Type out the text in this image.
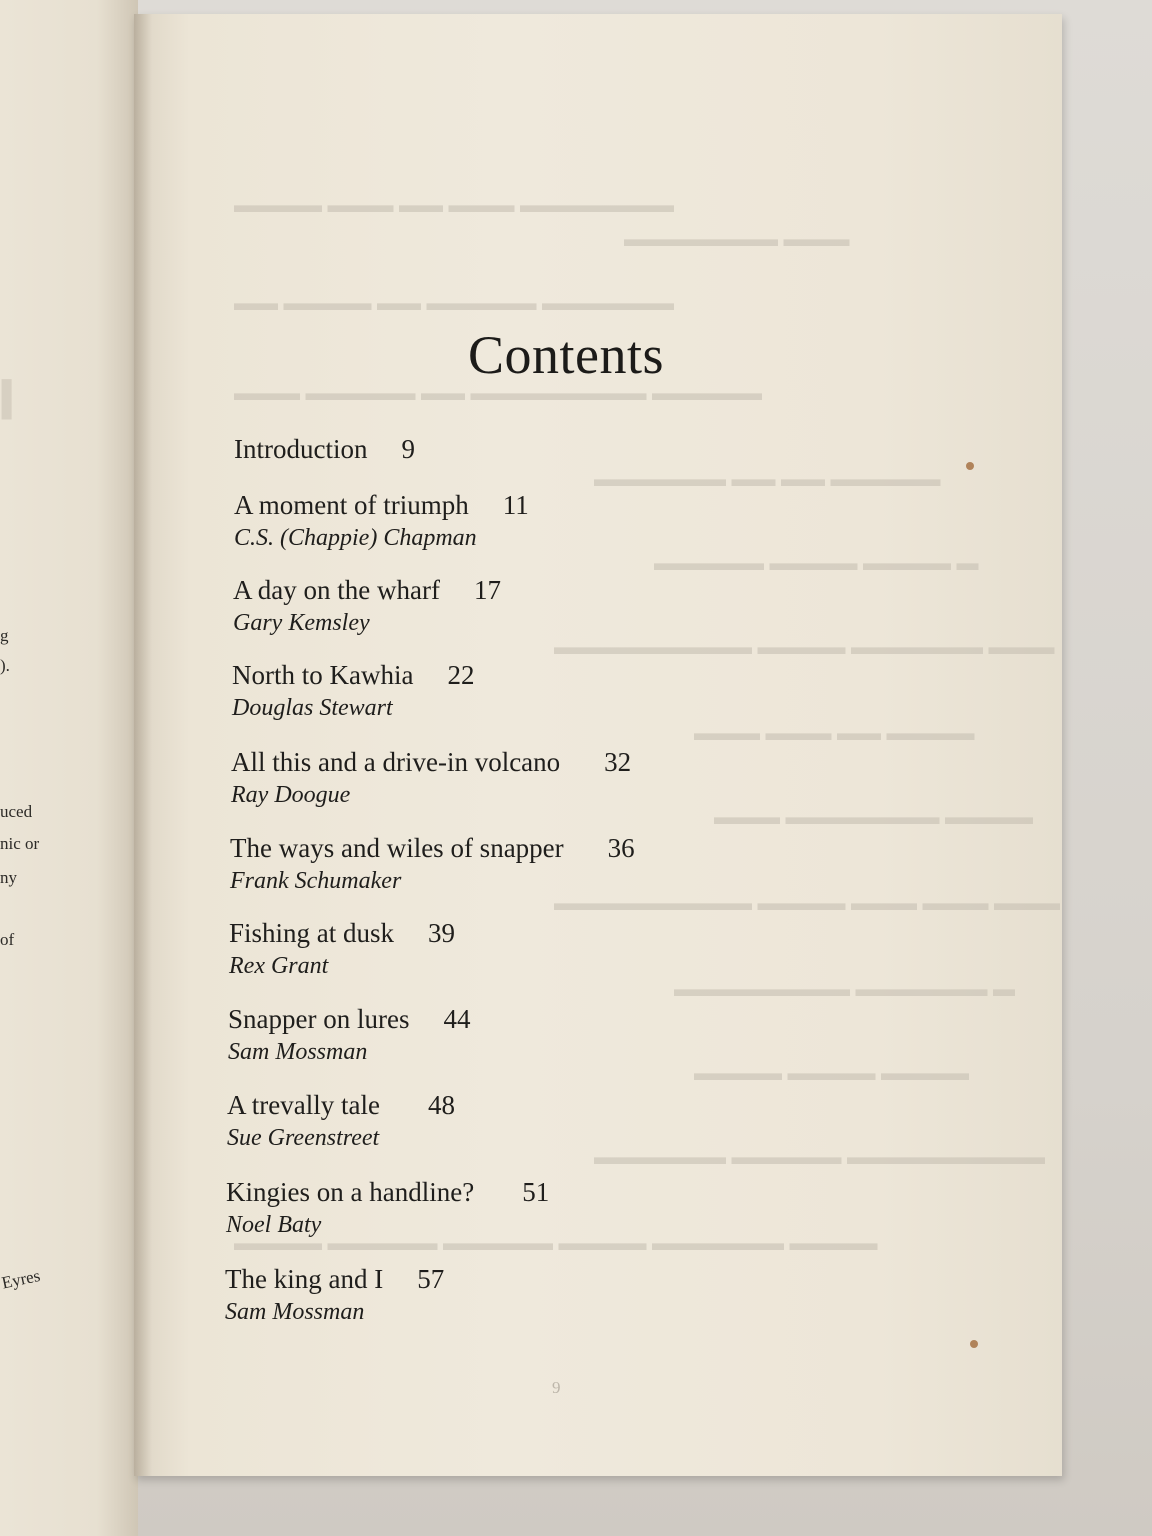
▍
g
).
uced
nic or
ny
of
Eyres
▬▬▬▬▬▬▬ ▬▬▬ ▬▬ ▬▬▬ ▬▬▬▬
▬▬▬ ▬▬▬▬▬▬▬
▬▬▬▬▬▬ ▬▬▬▬▬ ▬▬ ▬▬▬▬ ▬▬
▬▬▬▬▬ ▬▬▬▬▬▬▬▬ ▬▬ ▬▬▬▬▬ ▬▬▬
▬▬▬▬▬ ▬▬ ▬▬ ▬▬▬▬▬▬
▬ ▬▬▬▬ ▬▬▬▬ ▬▬▬▬▬
▬▬▬ ▬▬▬▬▬▬ ▬▬▬▬ ▬▬▬▬▬▬▬▬▬
▬▬▬▬ ▬▬ ▬▬▬ ▬▬▬
▬▬▬▬ ▬▬▬▬▬▬▬ ▬▬▬
▬▬▬ ▬▬▬ ▬▬▬ ▬▬▬▬ ▬▬▬▬▬▬▬▬▬
▬ ▬▬▬▬▬▬ ▬▬▬▬▬▬▬▬
▬▬▬▬ ▬▬▬▬ ▬▬▬▬
▬▬▬▬▬▬▬▬▬ ▬▬▬▬▬ ▬▬▬▬▬▬
▬▬▬▬ ▬▬▬▬▬▬ ▬▬▬▬ ▬▬▬▬▬ ▬▬▬▬▬ ▬▬▬▬
Contents
Introduction 9
A moment of triumph 11
C.S. (Chappie) Chapman
A day on the wharf 17
Gary Kemsley
North to Kawhia 22
Douglas Stewart
All this and a drive-in volcano 32
Ray Doogue
The ways and wiles of snapper 36
Frank Schumaker
Fishing at dusk 39
Rex Grant
Snapper on lures 44
Sam Mossman
A trevally tale 48
Sue Greenstreet
Kingies on a handline? 51
Noel Baty
The king and I 57
Sam Mossman
9
